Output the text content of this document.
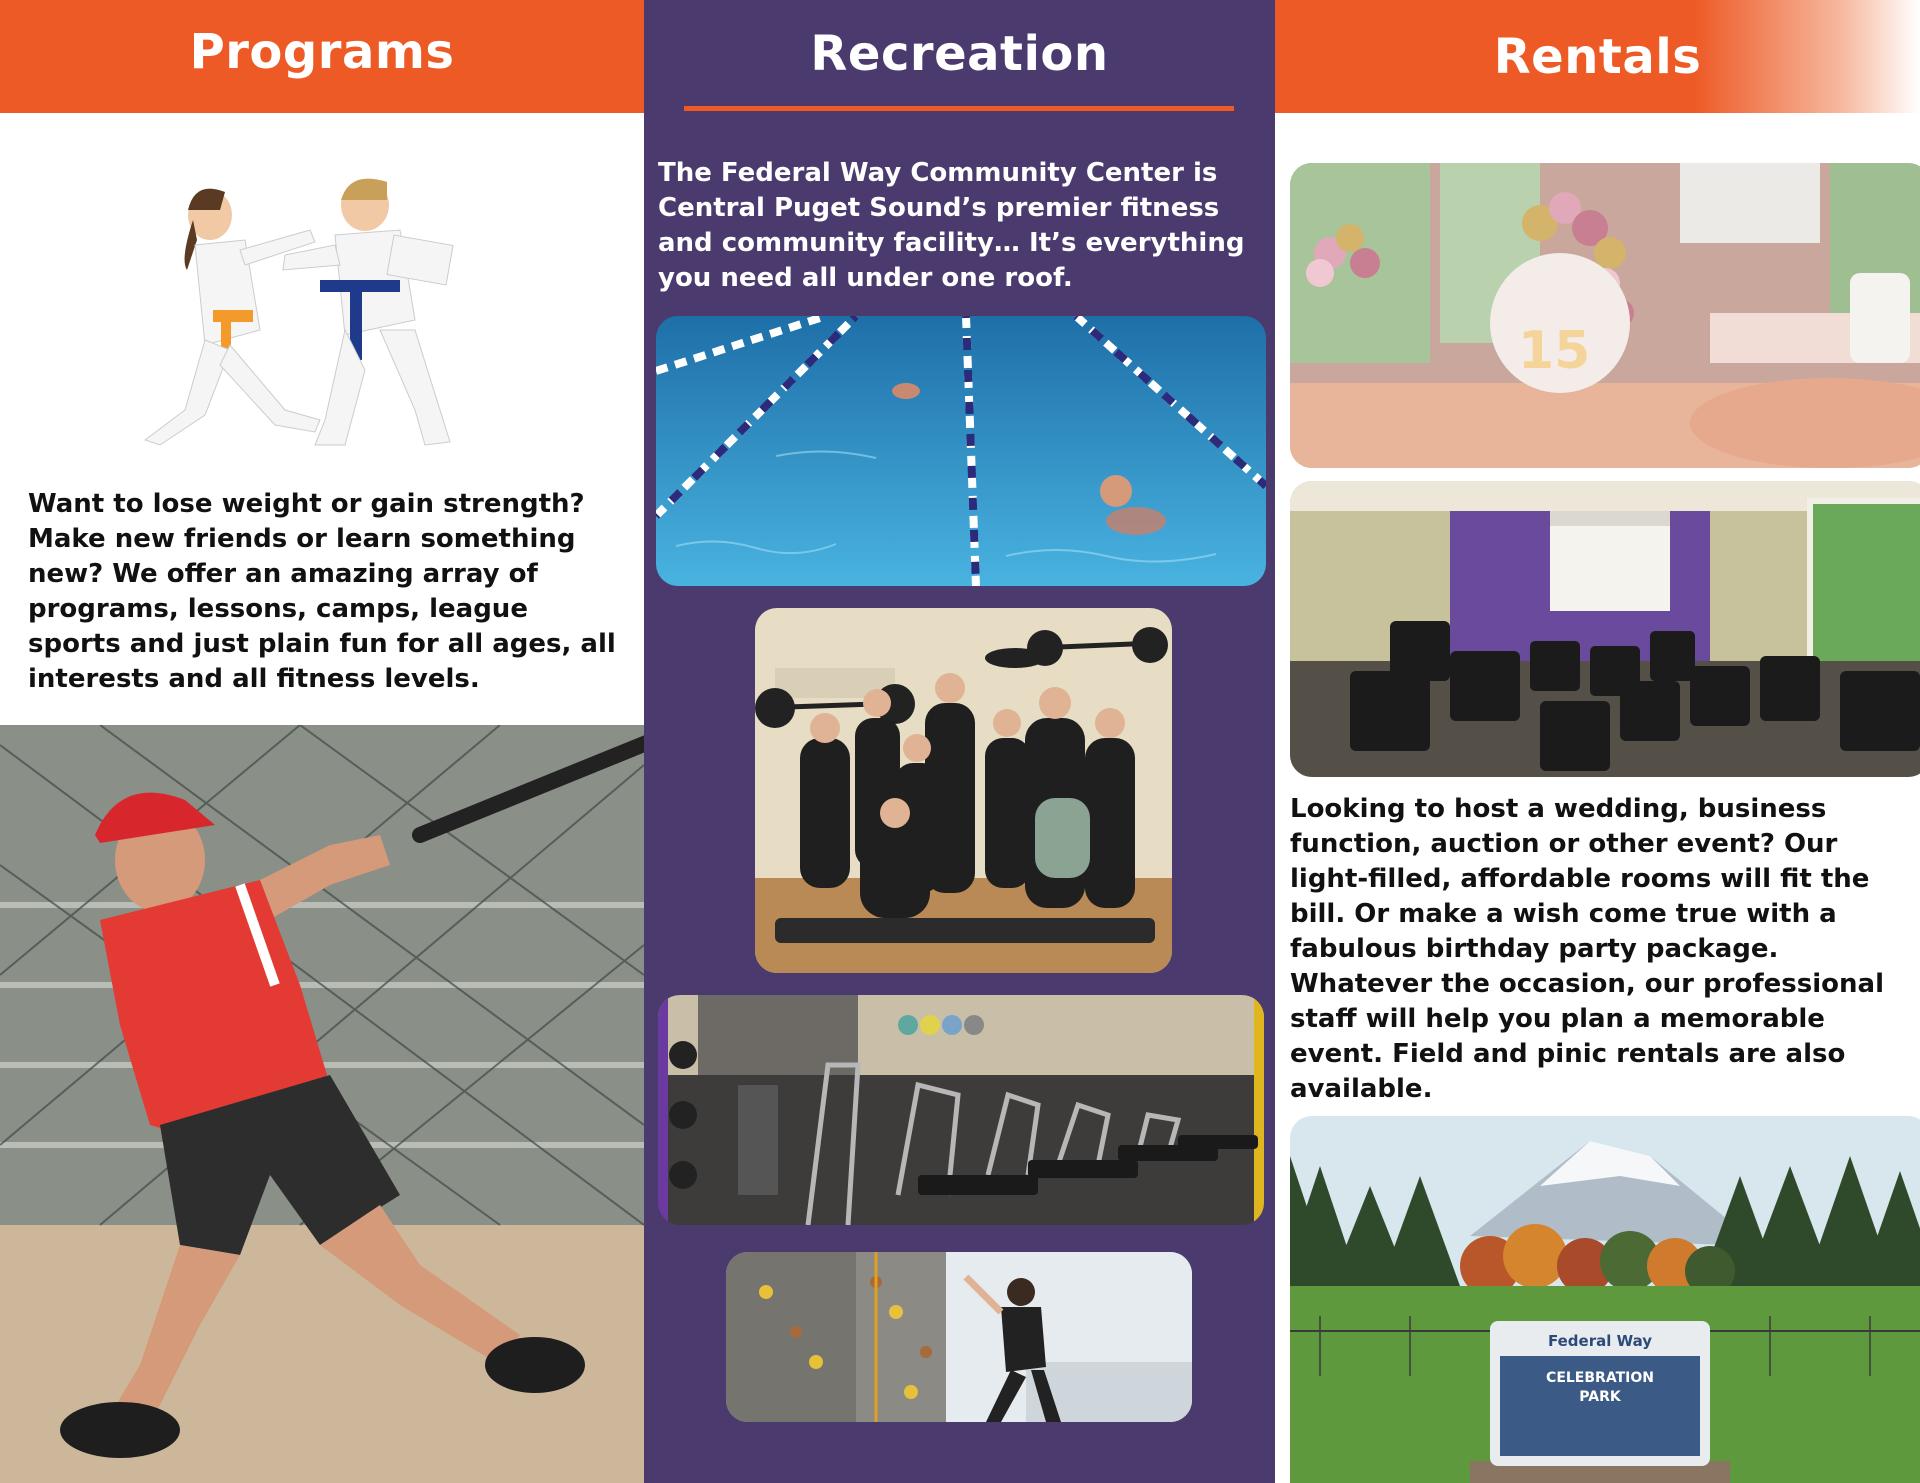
Programs

Want to lose weight or gain strength? Make new friends or learn something new? We offer an amazing array of programs, lessons, camps, league sports and just plain fun for all ages, all interests and all fitness levels.

Recreation

The Federal Way Community Center is Central Puget Sound’s premier fitness and community facility… It’s everything you need all under one roof.

Rentals
15

Looking to host a wedding, business function, auction or other event? Our light-filled, affordable rooms will fit the bill. Or make a wish come true with a fabulous birthday party package. Whatever the occasion, our professional staff will help you plan a memorable event. Field and pinic rentals are also available.

Federal Way
CELEBRATION
PARK
